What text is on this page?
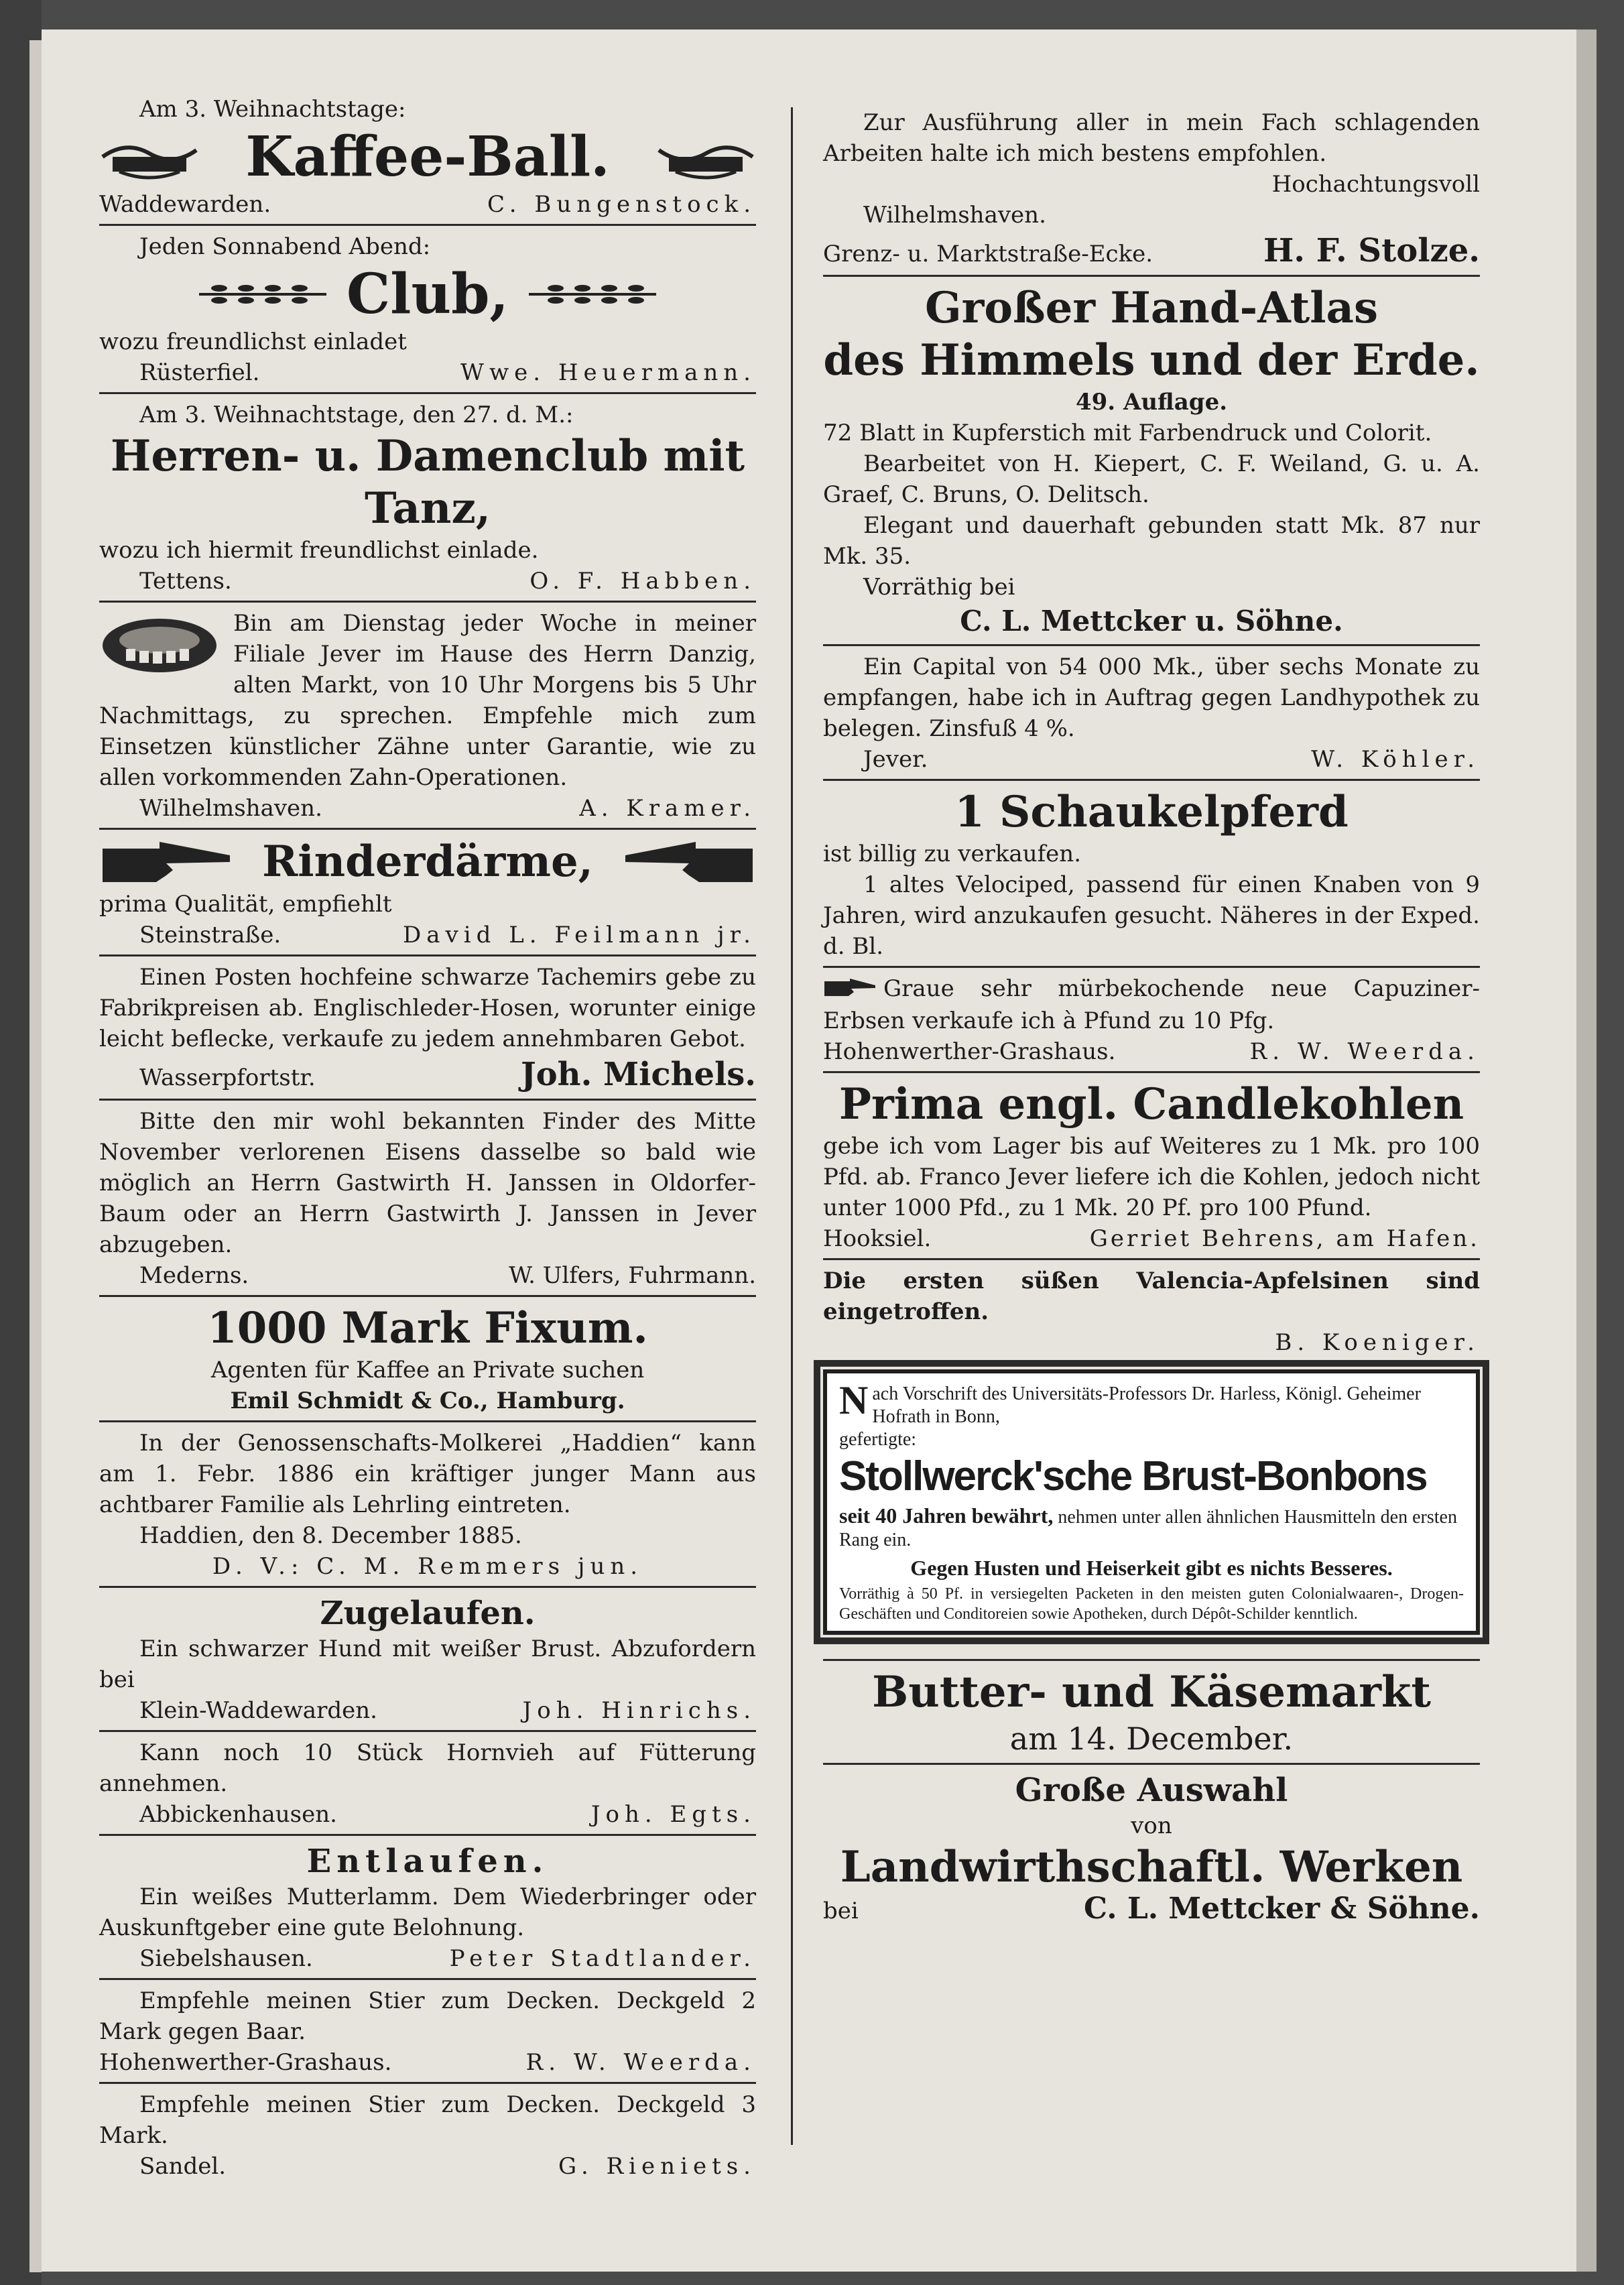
Am 3. Weihnachtstage:
Kaffee-Ball.
Waddewarden.	C. Bungenstock.
Jeden Sonnabend Abend:
Club,
wozu freundlichst einladet
Rüsterfiel.	Wwe. Heuermann.
Am 3. Weihnachtstage, den 27. d. M.:
Herren- u. Damenclub mit Tanz,
wozu ich hiermit freundlichst einlade.
Tettens.	O. F. Habben.
Bin am Dienstag jeder Woche in meiner Filiale Jever im Hause des Herrn Danzig, alten Markt, von 10 Uhr Morgens bis 5 Uhr Nachmittags, zu sprechen. Empfehle mich zum Einsetzen künstlicher Zähne unter Garantie, wie zu allen vorkommenden Zahn-Operationen.
Wilhelmshaven.	A. Kramer.
Rinderdärme,
prima Qualität, empfiehlt
Steinstraße.	David L. Feilmann jr.
Einen Posten hochfeine schwarze Tachemirs gebe zu Fabrikpreisen ab. Englischleder-Hosen, worunter einige leicht beflecke, verkaufe zu jedem annehmbaren Gebot.
Wasserpfortstr.	Joh. Michels.
Bitte den mir wohl bekannten Finder des Mitte November verlorenen Eisens dasselbe so bald wie möglich an Herrn Gastwirth H. Janssen in Oldorfer-Baum oder an Herrn Gastwirth J. Janssen in Jever abzugeben.
Mederns.	W. Ulfers, Fuhrmann.
1000 Mark Fixum.
Agenten für Kaffee an Private suchen
Emil Schmidt & Co., Hamburg.
In der Genossenschafts-Molkerei „Haddien“ kann am 1. Febr. 1886 ein kräftiger junger Mann aus achtbarer Familie als Lehrling eintreten.
Haddien, den 8. December 1885.
D. V.: C. M. Remmers jun.
Zugelaufen.
Ein schwarzer Hund mit weißer Brust. Abzufordern bei
Klein-Waddewarden.	Joh. Hinrichs.
Kann noch 10 Stück Hornvieh auf Fütterung annehmen.
Abbickenhausen.	Joh. Egts.
Entlaufen.
Ein weißes Mutterlamm. Dem Wiederbringer oder Auskunftgeber eine gute Belohnung.
Siebelshausen.	Peter Stadtlander.
Empfehle meinen Stier zum Decken. Deckgeld 2 Mark gegen Baar.
Hohenwerther-Grashaus.	R. W. Weerda.
Empfehle meinen Stier zum Decken. Deckgeld 3 Mark.
Sandel.	G. Rieniets.
Zur Ausführung aller in mein Fach schlagenden Arbeiten halte ich mich bestens empfohlen.
Hochachtungsvoll
Wilhelmshaven.
Grenz- u. Marktstraße-Ecke.	H. F. Stolze.
Großer Hand-Atlas
des Himmels und der Erde.
49. Auflage.
72 Blatt in Kupferstich mit Farbendruck und Colorit.
Bearbeitet von H. Kiepert, C. F. Weiland, G. u. A. Graef, C. Bruns, O. Delitsch.
Elegant und dauerhaft gebunden statt Mk. 87 nur Mk. 35.
Vorräthig bei
C. L. Mettcker u. Söhne.
Ein Capital von 54 000 Mk., über sechs Monate zu empfangen, habe ich in Auftrag gegen Landhypothek zu belegen. Zinsfuß 4 %.
Jever.	W. Köhler.
1 Schaukelpferd
ist billig zu verkaufen.
1 altes Velociped, passend für einen Knaben von 9 Jahren, wird anzukaufen gesucht. Näheres in der Exped. d. Bl.
Graue sehr mürbekochende neue Capuziner-Erbsen verkaufe ich à Pfund zu 10 Pfg.
Hohenwerther-Grashaus.	R. W. Weerda.
Prima engl. Candlekohlen
gebe ich vom Lager bis auf Weiteres zu 1 Mk. pro 100 Pfd. ab. Franco Jever liefere ich die Kohlen, jedoch nicht unter 1000 Pfd., zu 1 Mk. 20 Pf. pro 100 Pfund.
Hooksiel.	Gerriet Behrens, am Hafen.
Die ersten süßen Valencia-Apfelsinen sind eingetroffen.
B. Koeniger.
Nach Vorschrift des Universitäts-Professors Dr. Harless, Königl. Geheimer Hofrath in Bonn,
gefertigte:
Stollwerck'sche Brust-Bonbons
seit 40 Jahren bewährt, nehmen unter allen ähnlichen Hausmitteln den ersten Rang ein.
Gegen Husten und Heiserkeit gibt es nichts Besseres.
Vorräthig à 50 Pf. in versiegelten Packeten in den meisten guten Colonialwaaren-, Drogen-Geschäften und Conditoreien sowie Apotheken, durch Dépôt-Schilder kenntlich.
Butter- und Käsemarkt
am 14. December.
Große Auswahl
von
Landwirthschaftl. Werken
bei	C. L. Mettcker & Söhne.
